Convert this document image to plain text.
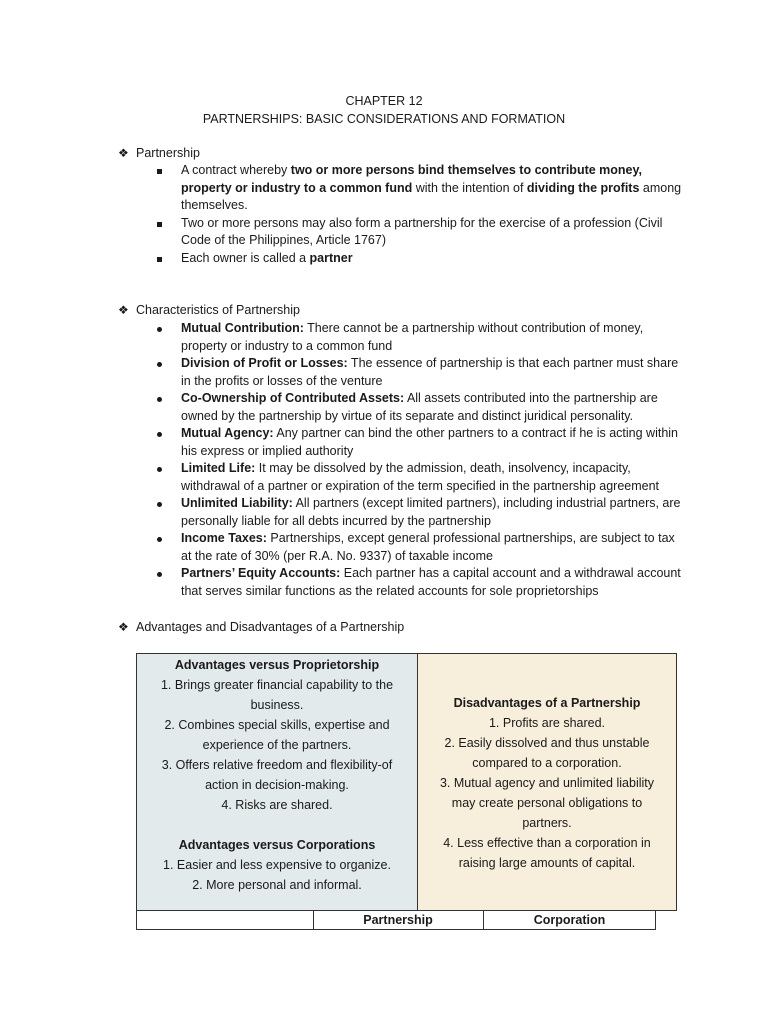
CHAPTER 12
PARTNERSHIPS: BASIC CONSIDERATIONS AND FORMATION
❖ Partnership
A contract whereby two or more persons bind themselves to contribute money, property or industry to a common fund with the intention of dividing the profits among themselves.
Two or more persons may also form a partnership for the exercise of a profession (Civil Code of the Philippines, Article 1767)
Each owner is called a partner
❖ Characteristics of Partnership
Mutual Contribution: There cannot be a partnership without contribution of money, property or industry to a common fund
Division of Profit or Losses: The essence of partnership is that each partner must share in the profits or losses of the venture
Co-Ownership of Contributed Assets: All assets contributed into the partnership are owned by the partnership by virtue of its separate and distinct juridical personality.
Mutual Agency: Any partner can bind the other partners to a contract if he is acting within his express or implied authority
Limited Life: It may be dissolved by the admission, death, insolvency, incapacity, withdrawal of a partner or expiration of the term specified in the partnership agreement
Unlimited Liability: All partners (except limited partners), including industrial partners, are personally liable for all debts incurred by the partnership
Income Taxes: Partnerships, except general professional partnerships, are subject to tax at the rate of 30% (per R.A. No. 9337) of taxable income
Partners’ Equity Accounts: Each partner has a capital account and a withdrawal account that serves similar functions as the related accounts for sole proprietorships
❖ Advantages and Disadvantages of a Partnership
Advantages versus Proprietorship
1. Brings greater financial capability to the
business.
2. Combines special skills, expertise and
experience of the partners.
3. Offers relative freedom and flexibility-of
action in decision-making.
4. Risks are shared.
Advantages versus Corporations
1. Easier and less expensive to organize.
2. More personal and informal.
Disadvantages of a Partnership
1. Profits are shared.
2. Easily dissolved and thus unstable
compared to a corporation.
3. Mutual agency and unlimited liability
may create personal obligations to
partners.
4. Less effective than a corporation in
raising large amounts of capital.
Partnership	Corporation
